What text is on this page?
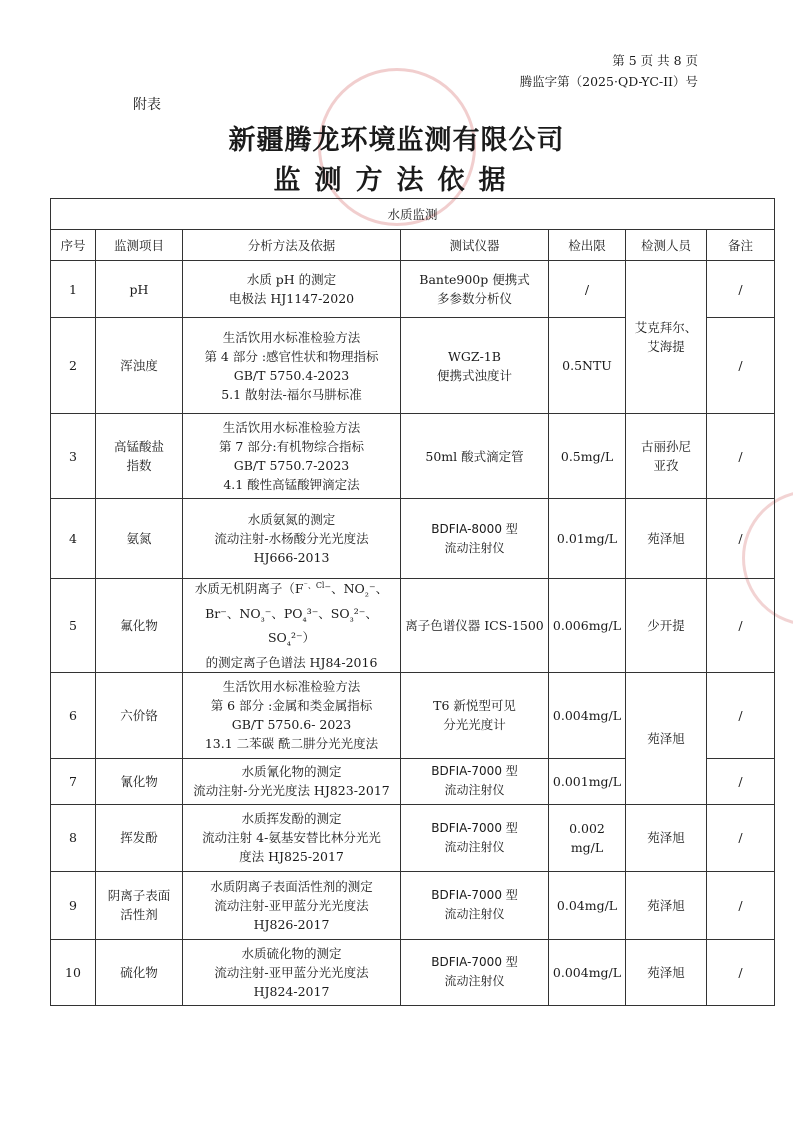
第 5 页 共 8 页
腾监字第（2025·QD-YC-II）号
附表
新疆腾龙环境监测有限公司
监测方法依据
水质监测						
序号	监测项目	分析方法及依据	测试仪器	检出限	检测人员	备注
1	pH	水质 pH 的测定
电极法 HJ1147-2020	Bante900p 便携式
多参数分析仪	/	艾克拜尔、
艾海提	/
2	浑浊度	生活饮用水标准检验方法
第 4 部分 :感官性状和物理指标
GB/T 5750.4-2023
5.1 散射法-福尔马肼标准	WGZ-1B
便携式浊度计	0.5NTU		/
3	高锰酸盐
指数	生活饮用水标准检验方法
第 7 部分:有机物综合指标
GB/T 5750.7-2023
4.1 酸性高锰酸钾滴定法	50ml 酸式滴定管	0.5mg/L	古丽孙尼
亚孜	/
4	氨氮	水质氨氮的测定
流动注射-水杨酸分光光度法
HJ666-2013	BDFIA-8000 型
流动注射仪	0.01mg/L	苑泽旭	/
5	氟化物	水质无机阴离子（$F^{^-、Cl}^-$、$NO_{_2}^-$、
Br⁻、$NO_{_3}^-$、$PO_{_4}^{3-}$、$SO_{_3}^{2-}$、$SO_{_4}^{2-}$）
的测定离子色谱法 HJ84-2016	离子色谱仪器 ICS-1500	0.006mg/L	少开提	/
6	六价铬	生活饮用水标准检验方法
第 6 部分 :金属和类金属指标
GB/T 5750.6- 2023
13.1 二苯碳 酰二肼分光光度法	T6 新悦型可见
分光光度计	0.004mg/L	苑泽旭	/
7	氰化物	水质氰化物的测定
流动注射-分光光度法 HJ823-2017	BDFIA-7000 型
流动注射仪	0.001mg/L		/
8	挥发酚	水质挥发酚的测定
流动注射 4-氨基安替比林分光光
度法 HJ825-2017	BDFIA-7000 型
流动注射仪	0.002 mg/L	苑泽旭	/
9	阴离子表面
活性剂	水质阴离子表面活性剂的测定
流动注射-亚甲蓝分光光度法
HJ826-2017	BDFIA-7000 型
流动注射仪	0.04mg/L	苑泽旭	/
10	硫化物	水质硫化物的测定
流动注射-亚甲蓝分光光度法
HJ824-2017	BDFIA-7000 型
流动注射仪	0.004mg/L	苑泽旭	/
